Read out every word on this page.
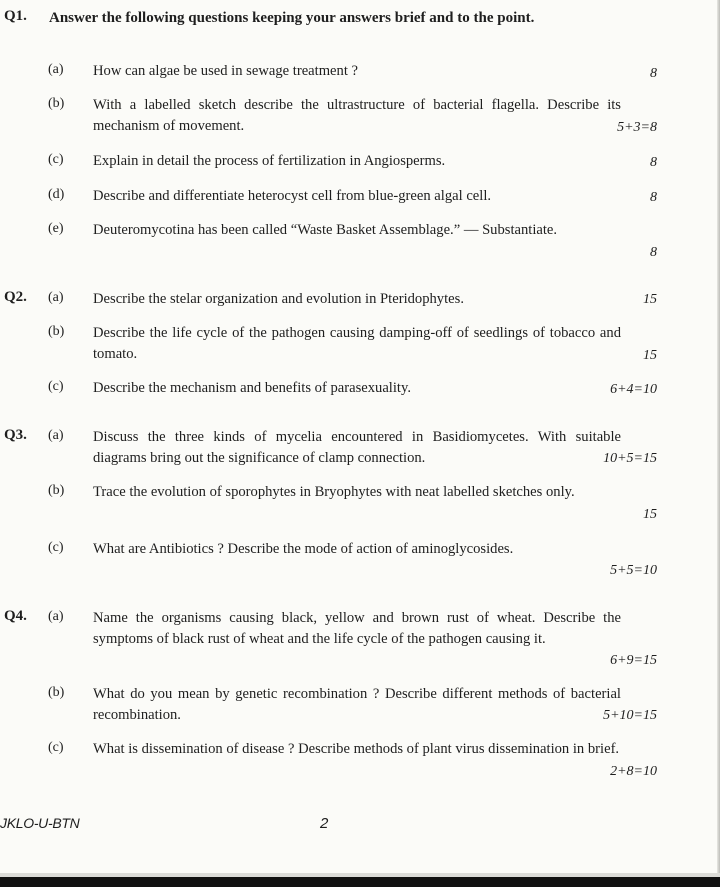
Q1. Answer the following questions keeping your answers brief and to the point.
(a) How can algae be used in sewage treatment ?	8
(b) With a labelled sketch describe the ultrastructure of bacterial flagella. Describe its mechanism of movement.	5+3=8
(c) Explain in detail the process of fertilization in Angiosperms.	8
(d) Describe and differentiate heterocyst cell from blue-green algal cell.	8
(e) Deuteromycotina has been called “Waste Basket Assemblage.” — Substantiate.
8
Q2. (a) Describe the stelar organization and evolution in Pteridophytes.	15
(b) Describe the life cycle of the pathogen causing damping-off of seedlings of tobacco and tomato.	15
(c) Describe the mechanism and benefits of parasexuality.	6+4=10
Q3. (a) Discuss the three kinds of mycelia encountered in Basidiomycetes. With suitable diagrams bring out the significance of clamp connection.	10+5=15
(b) Trace the evolution of sporophytes in Bryophytes with neat labelled sketches only.
15
(c) What are Antibiotics ? Describe the mode of action of aminoglycosides.
5+5=10
Q4. (a) Name the organisms causing black, yellow and brown rust of wheat. Describe the symptoms of black rust of wheat and the life cycle of the pathogen causing it.
6+9=15
(b) What do you mean by genetic recombination ? Describe different methods of bacterial recombination.	5+10=15
(c) What is dissemination of disease ? Describe methods of plant virus dissemination in brief.
2+8=10
JKLO-U-BTN	2
